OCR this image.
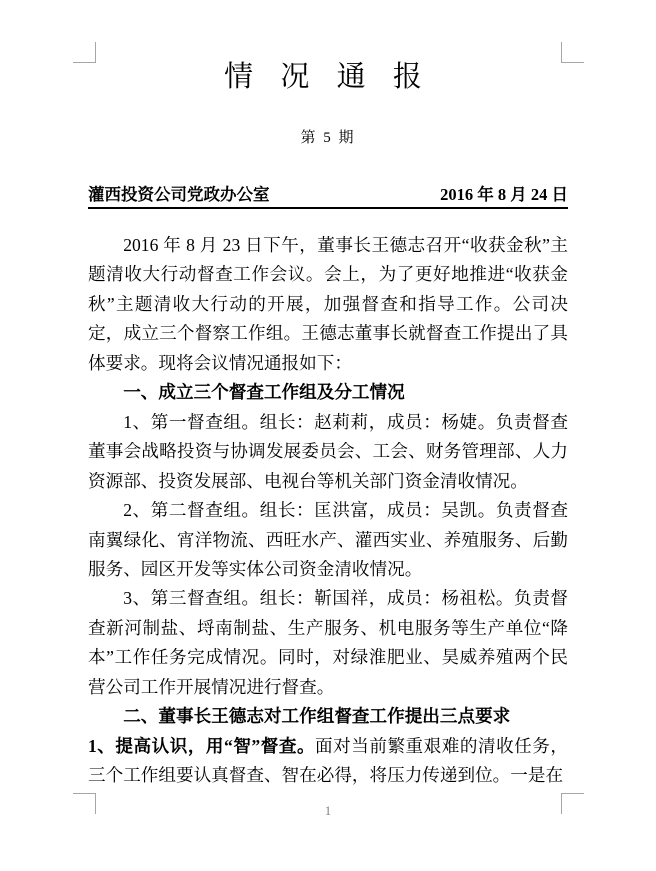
情 况 通 报
第 5 期
灌西投资公司党政办公室	2016 年 8 月 24 日

2016 年 8 月 23 日下午，董事长王德志召开“收获金秋”主题清收大行动督查工作会议。会上，为了更好地推进“收获金秋”主题清收大行动的开展，加强督查和指导工作。公司决定，成立三个督察工作组。王德志董事长就督查工作提出了具体要求。现将会议情况通报如下：

一、成立三个督查工作组及分工情况

1、第一督查组。组长：赵莉莉，成员：杨婕。负责督查董事会战略投资与协调发展委员会、工会、财务管理部、人力资源部、投资发展部、电视台等机关部门资金清收情况。

2、第二督查组。组长：匡洪富，成员：吴凯。负责督查南翼绿化、宵洋物流、西旺水产、灌西实业、养殖服务、后勤服务、园区开发等实体公司资金清收情况。

3、第三督查组。组长：靳国祥，成员：杨祖松。负责督查新河制盐、埒南制盐、生产服务、机电服务等生产单位“降本”工作任务完成情况。同时，对绿淮肥业、昊威养殖两个民营公司工作开展情况进行督查。

二、董事长王德志对工作组督查工作提出三点要求

1、提高认识，用“智”督查。面对当前繁重艰难的清收任务，三个工作组要认真督查、智在必得，将压力传递到位。一是在

1
